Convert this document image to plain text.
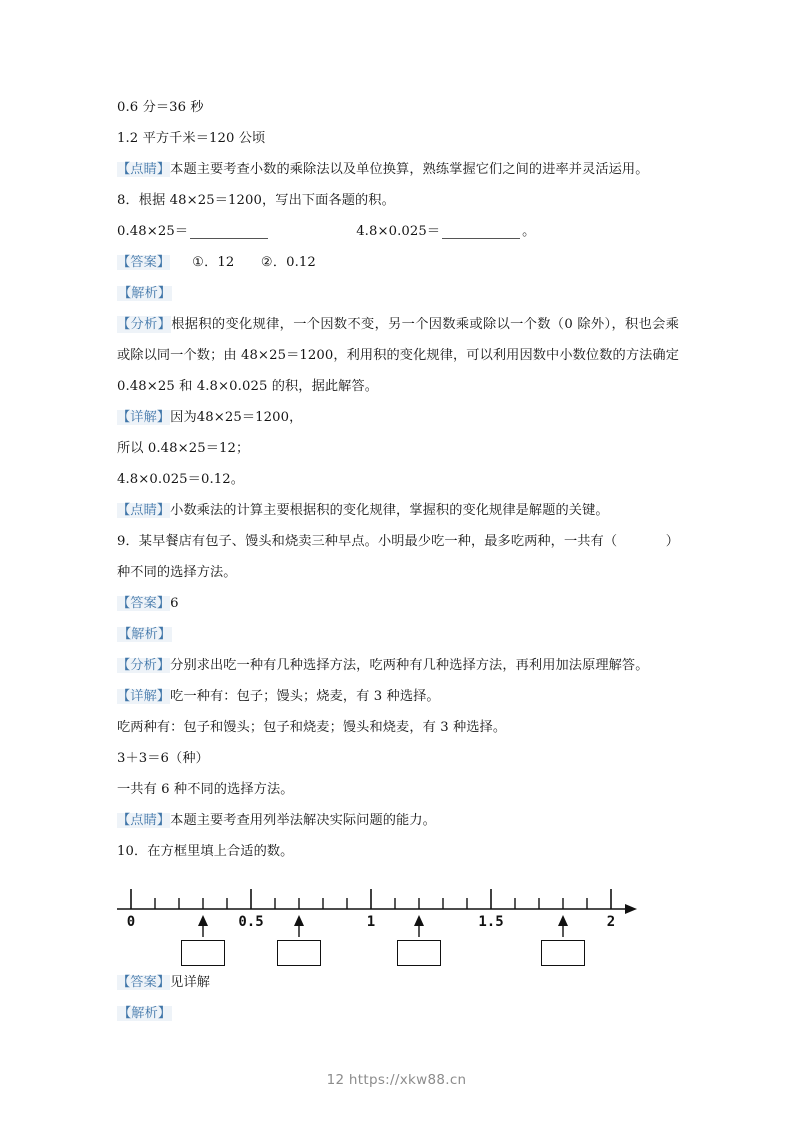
0.6 分＝36 秒
1.2 平方千米＝120 公顷
【点睛】 本题主要考查小数的乘除法以及单位换算，熟练掌握它们之间的进率并灵活运用。
8．根据 48×25＝1200，写出下面各题的积。
0.48×25＝	4.8×0.025＝	。
【答案】 ①．12　　②．0.12
【解析】
【分析】根据积的变化规律，一个因数不变，另一个因数乘或除以一个数（0 除外），积也会乘或除以同一个数；由 48×25＝1200，利用积的变化规律，可以利用因数中小数位数的方法确定 0.48×25 和 4.8×0.025 的积，据此解答。
【详解】 因为48×25＝1200，
所以 0.48×25＝12；
4.8×0.025＝0.12。
【点睛】 小数乘法的计算主要根据积的变化规律，掌握积的变化规律是解题的关键。
9．某早餐店有包子、馒头和烧卖三种早点。小明最少吃一种，最多吃两种，一共有（	）
种不同的选择方法。
【答案】 6
【解析】
【分析】 分别求出吃一种有几种选择方法，吃两种有几种选择方法，再利用加法原理解答。
【详解】 吃一种有：包子；馒头；烧麦，有 3 种选择。
吃两种有：包子和馒头；包子和烧麦；馒头和烧麦，有 3 种选择。
3＋3＝6（种）
一共有 6 种不同的选择方法。
【点睛】 本题主要考查用列举法解决实际问题的能力。
10．在方框里填上合适的数。
0	0.5	1	1.5	2
【答案】 见详解
【解析】
12 https://xkw88.cn
